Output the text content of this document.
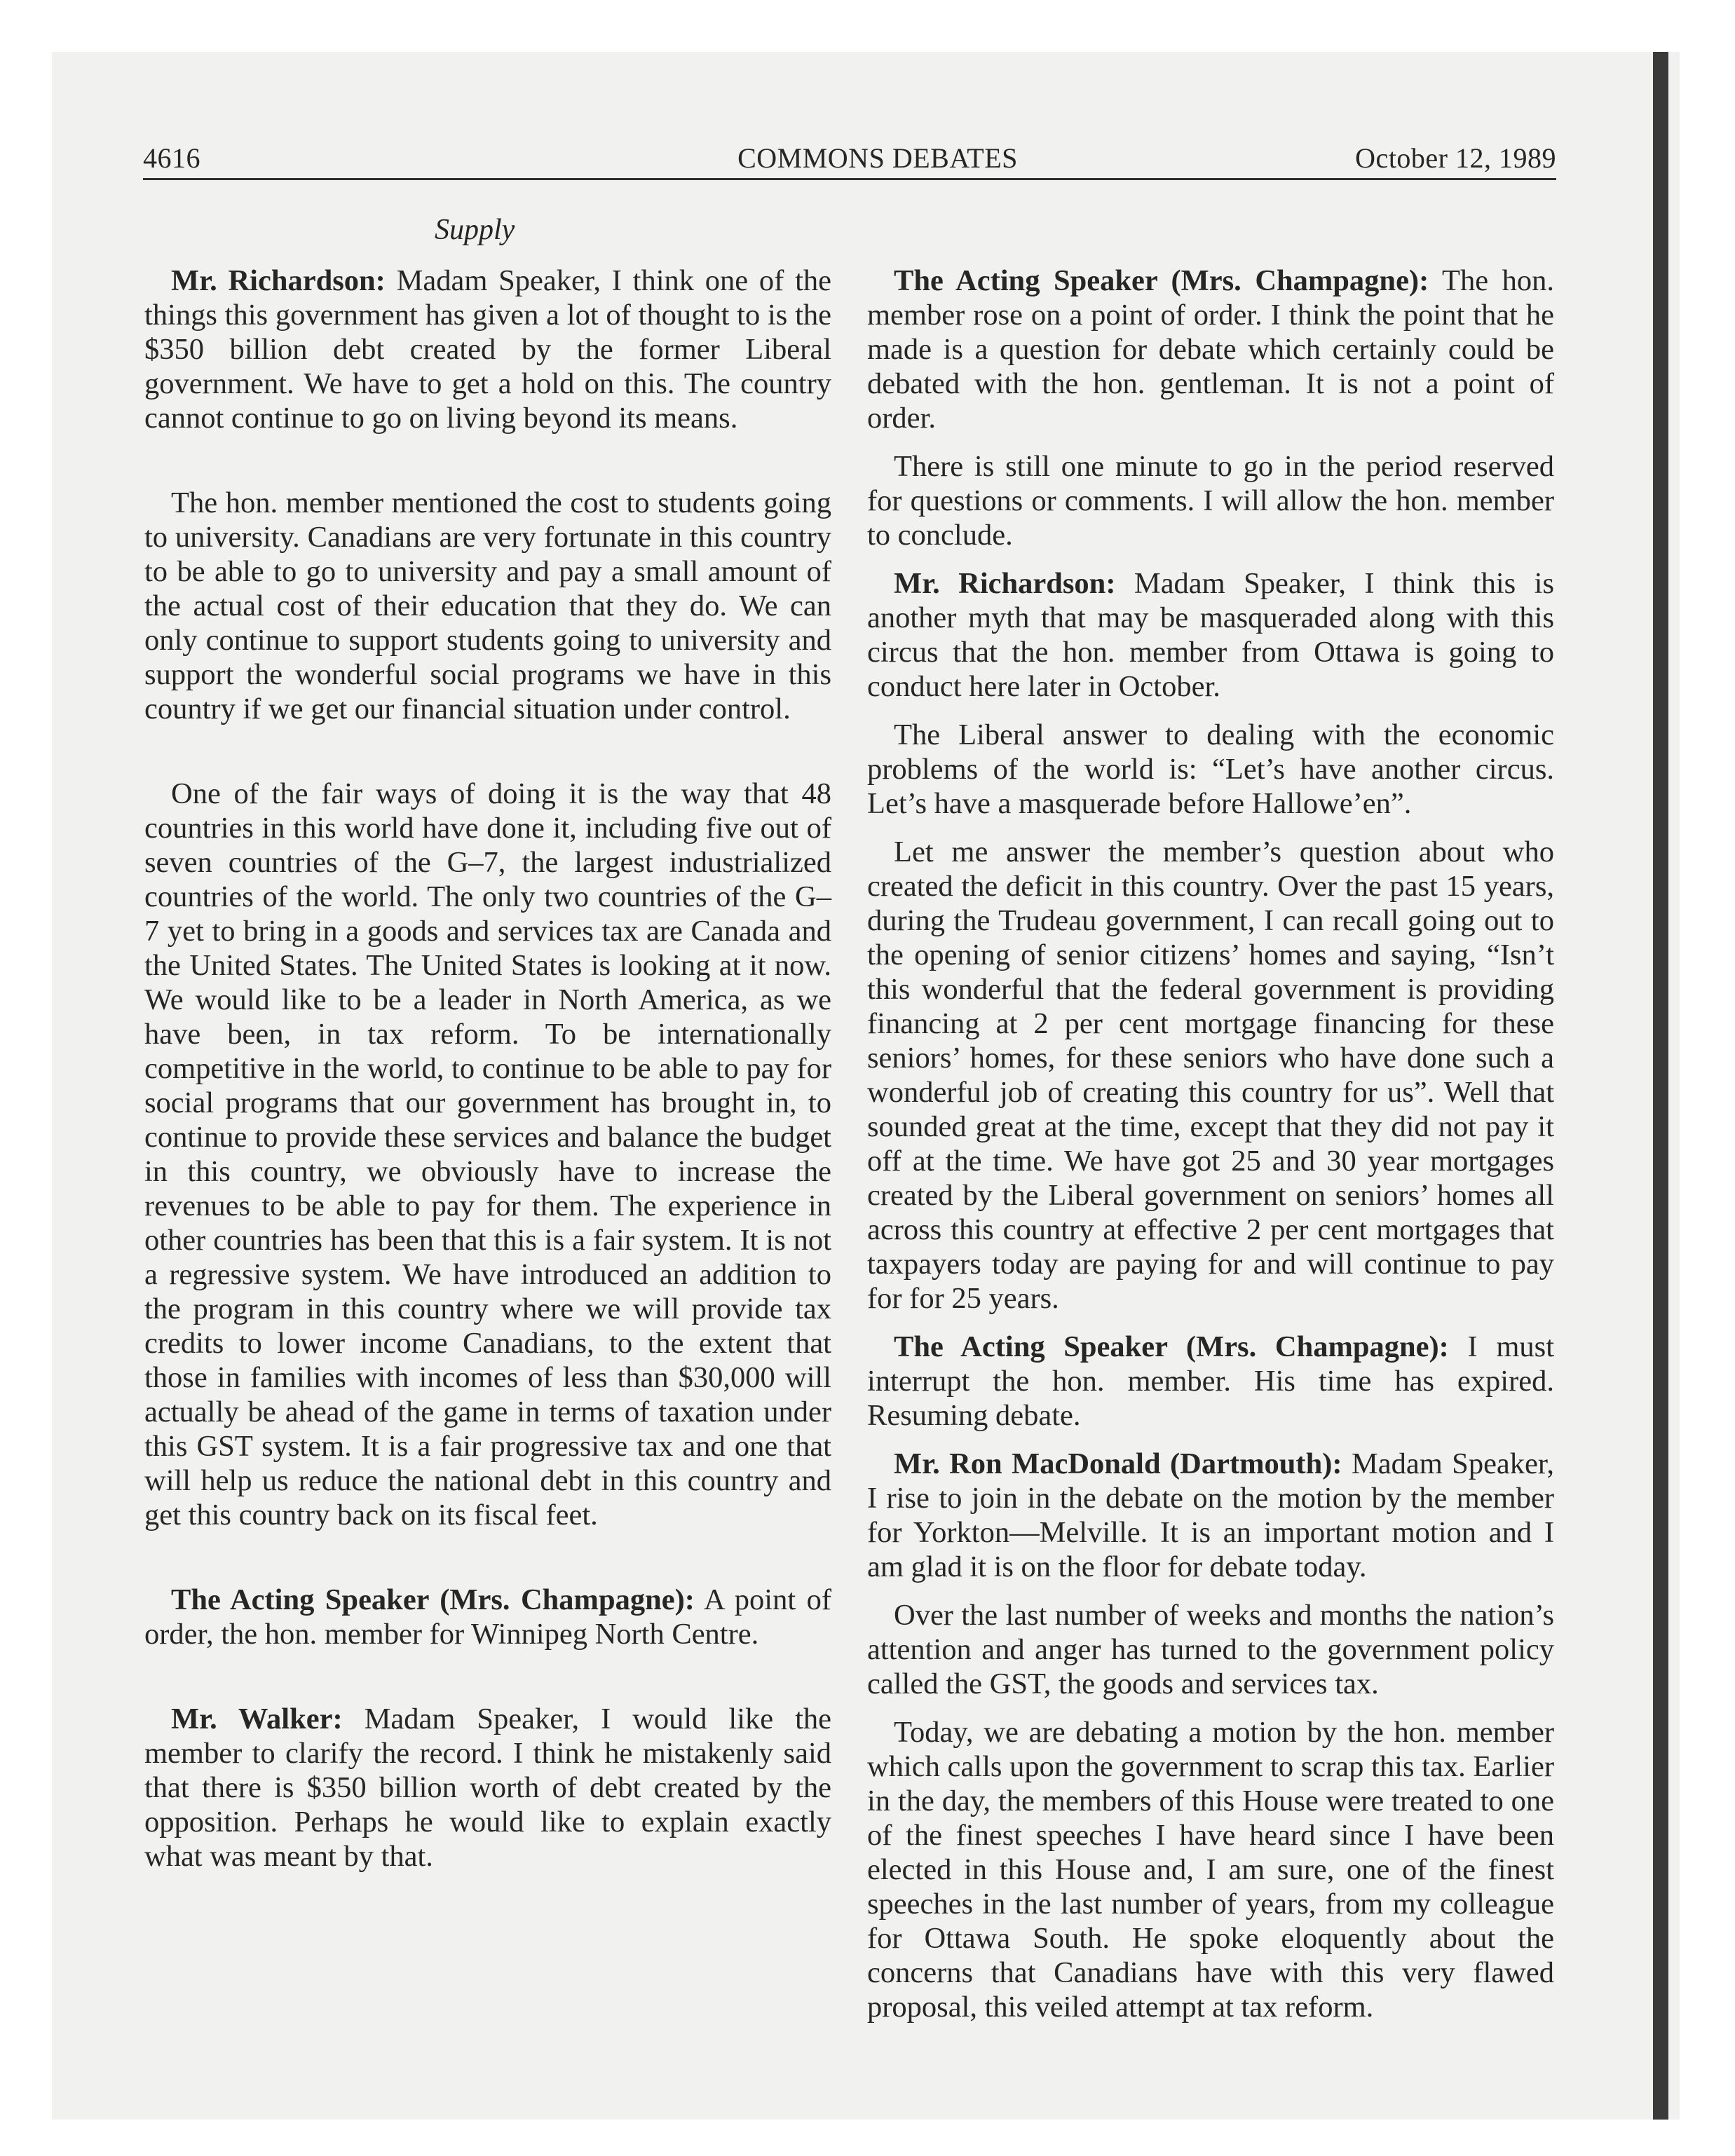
4616	COMMONS DEBATES	October 12, 1989
Supply

Mr. Richardson: Madam Speaker, I think one of the things this government has given a lot of thought to is the $350 billion debt created by the former Liberal government. We have to get a hold on this. The country cannot continue to go on living beyond its means.

The hon. member mentioned the cost to students going to university. Canadians are very fortunate in this country to be able to go to university and pay a small amount of the actual cost of their education that they do. We can only continue to support students going to university and support the wonderful social programs we have in this country if we get our financial situation under control.

One of the fair ways of doing it is the way that 48 countries in this world have done it, including five out of seven countries of the G–7, the largest industrialized countries of the world. The only two countries of the G–7 yet to bring in a goods and services tax are Canada and the United States. The United States is looking at it now. We would like to be a leader in North America, as we have been, in tax reform. To be internationally competitive in the world, to continue to be able to pay for social programs that our government has brought in, to continue to provide these services and balance the budget in this country, we obviously have to increase the revenues to be able to pay for them. The experience in other countries has been that this is a fair system. It is not a regressive system. We have introduced an addition to the program in this country where we will provide tax credits to lower income Canadians, to the extent that those in families with incomes of less than $30,000 will actually be ahead of the game in terms of taxation under this GST system. It is a fair progressive tax and one that will help us reduce the national debt in this country and get this country back on its fiscal feet.

The Acting Speaker (Mrs. Champagne): A point of order, the hon. member for Winnipeg North Centre.

Mr. Walker: Madam Speaker, I would like the member to clarify the record. I think he mistakenly said that there is $350 billion worth of debt created by the opposition. Perhaps he would like to explain exactly what was meant by that.

The Acting Speaker (Mrs. Champagne): The hon. member rose on a point of order. I think the point that he made is a question for debate which certainly could be debated with the hon. gentleman. It is not a point of order.

There is still one minute to go in the period reserved for questions or comments. I will allow the hon. member to conclude.

Mr. Richardson: Madam Speaker, I think this is another myth that may be masqueraded along with this circus that the hon. member from Ottawa is going to conduct here later in October.

The Liberal answer to dealing with the economic problems of the world is: “Let’s have another circus. Let’s have a masquerade before Hallowe’en”.

Let me answer the member’s question about who created the deficit in this country. Over the past 15 years, during the Trudeau government, I can recall going out to the opening of senior citizens’ homes and saying, “Isn’t this wonderful that the federal government is providing financing at 2 per cent mortgage financing for these seniors’ homes, for these seniors who have done such a wonderful job of creating this country for us”. Well that sounded great at the time, except that they did not pay it off at the time. We have got 25 and 30 year mortgages created by the Liberal government on seniors’ homes all across this country at effective 2 per cent mortgages that taxpayers today are paying for and will continue to pay for for 25 years.

The Acting Speaker (Mrs. Champagne): I must interrupt the hon. member. His time has expired. Resuming debate.

Mr. Ron MacDonald (Dartmouth): Madam Speaker, I rise to join in the debate on the motion by the member for Yorkton—Melville. It is an important motion and I am glad it is on the floor for debate today.

Over the last number of weeks and months the nation’s attention and anger has turned to the government policy called the GST, the goods and services tax.

Today, we are debating a motion by the hon. member which calls upon the government to scrap this tax. Earlier in the day, the members of this House were treated to one of the finest speeches I have heard since I have been elected in this House and, I am sure, one of the finest speeches in the last number of years, from my colleague for Ottawa South. He spoke eloquently about the concerns that Canadians have with this very flawed proposal, this veiled attempt at tax reform.
